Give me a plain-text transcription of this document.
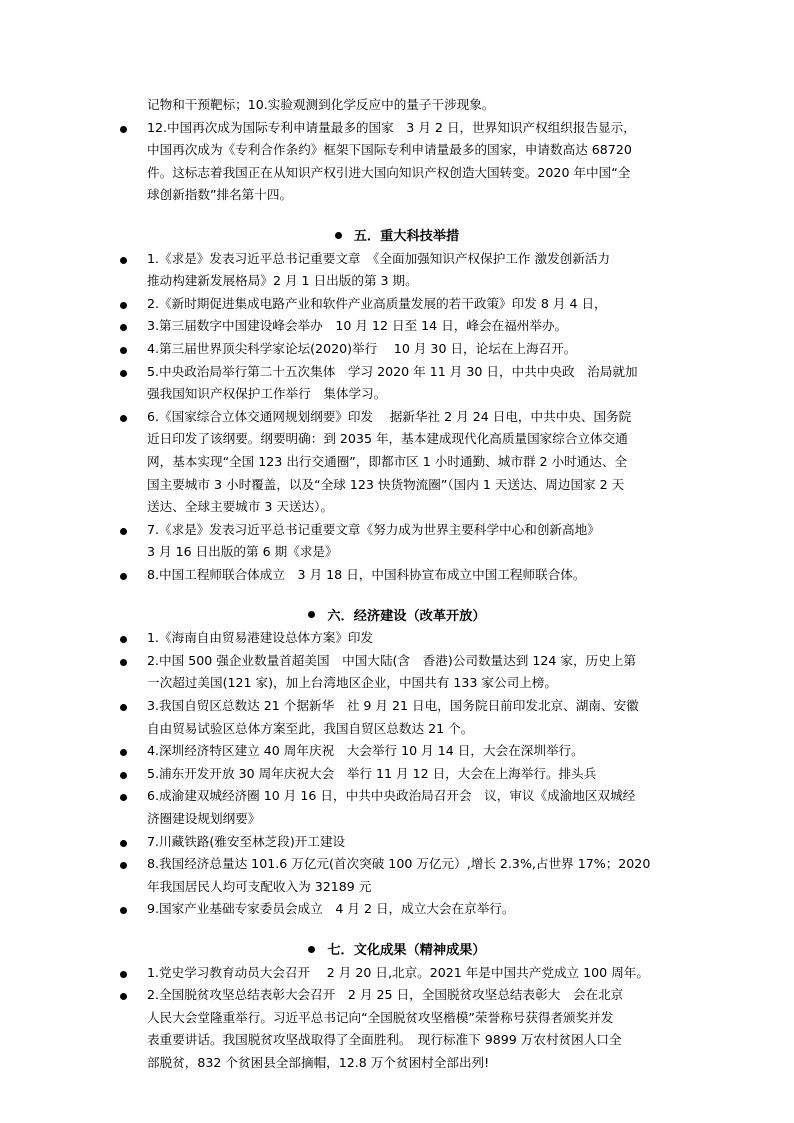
记物和干预靶标；10.实验观测到化学反应中的量子干涉现象。
12.中国再次成为国际专利申请量最多的国家　3 月 2 日，世界知识产权组织报告显示，
中国再次成为《专利合作条约》框架下国际专利申请量最多的国家，申请数高达 68720
件。这标志着我国正在从知识产权引进大国向知识产权创造大国转变。2020 年中国“全
球创新指数”排名第十四。
五．重大科技举措
1.《求是》发表习近平总书记重要文章　《全面加强知识产权保护工作 激发创新活力
推动构建新发展格局》2 月 1 日出版的第 3 期。
2.《新时期促进集成电路产业和软件产业高质量发展的若干政策》印发 8 月 4 日，
3.第三届数字中国建设峰会举办　10 月 12 日至 14 日，峰会在福州举办。
4.第三届世界顶尖科学家论坛(2020)举行　 10 月 30 日，论坛在上海召开。
5.中央政治局举行第二十五次集体　学习 2020 年 11 月 30 日，中共中央政　治局就加
强我国知识产权保护工作举行　集体学习。
6.《国家综合立体交通网规划纲要》印发　 据新华社 2 月 24 日电，中共中央、国务院
近日印发了该纲要。纲要明确：到 2035 年，基本建成现代化高质量国家综合立体交通
网，基本实现“全国 123 出行交通圈”，即都市区 1 小时通勤、城市群 2 小时通达、全
国主要城市 3 小时覆盖，以及“全球 123 快货物流圈”（国内 1 天送达、周边国家 2 天
送达、全球主要城市 3 天送达）。
7.《求是》发表习近平总书记重要文章《努力成为世界主要科学中心和创新高地》
3 月 16 日出版的第 6 期《求是》
8.中国工程师联合体成立　3 月 18 日，中国科协宣布成立中国工程师联合体。
六．经济建设（改革开放）
1.《海南自由贸易港建设总体方案》印发
2.中国 500 强企业数量首超美国　中国大陆(含　香港)公司数量达到 124 家，历史上第
一次超过美国(121 家)，加上台湾地区企业，中国共有 133 家公司上榜。
3.我国自贸区总数达 21 个据新华　社 9 月 21 日电，国务院日前印发北京、湖南、安徽
自由贸易试验区总体方案至此，我国自贸区总数达 21 个。
4.深圳经济特区建立 40 周年庆祝　大会举行 10 月 14 日，大会在深圳举行。
5.浦东开发开放 30 周年庆祝大会　举行 11 月 12 日，大会在上海举行。排头兵
6.成渝建双城经济圈 10 月 16 日，中共中央政治局召开会　议，审议《成渝地区双城经
济圈建设规划纲要》
7.川藏铁路(雅安至林芝段)开工建设
8.我国经济总量达 101.6 万亿元(首次突破 100 万亿元）,增长 2.3%,占世界 17%；2020
年我国居民人均可支配收入为 32189 元
9.国家产业基础专家委员会成立　4 月 2 日，成立大会在京举行。
七．文化成果（精神成果）
1.党史学习教育动员大会召开　 2 月 20 日,北京。2021 年是中国共产党成立 100 周年。
2.全国脱贫攻坚总结表彰大会召开　2 月 25 日，全国脱贫攻坚总结表彰大　会在北京
人民大会堂隆重举行。习近平总书记向“全国脱贫攻坚楷模”荣誉称号获得者颁奖并发
表重要讲话。我国脱贫攻坚战取得了全面胜利。　现行标准下 9899 万农村贫困人口全
部脱贫，832 个贫困县全部摘帽，12.8 万个贫困村全部出列!
